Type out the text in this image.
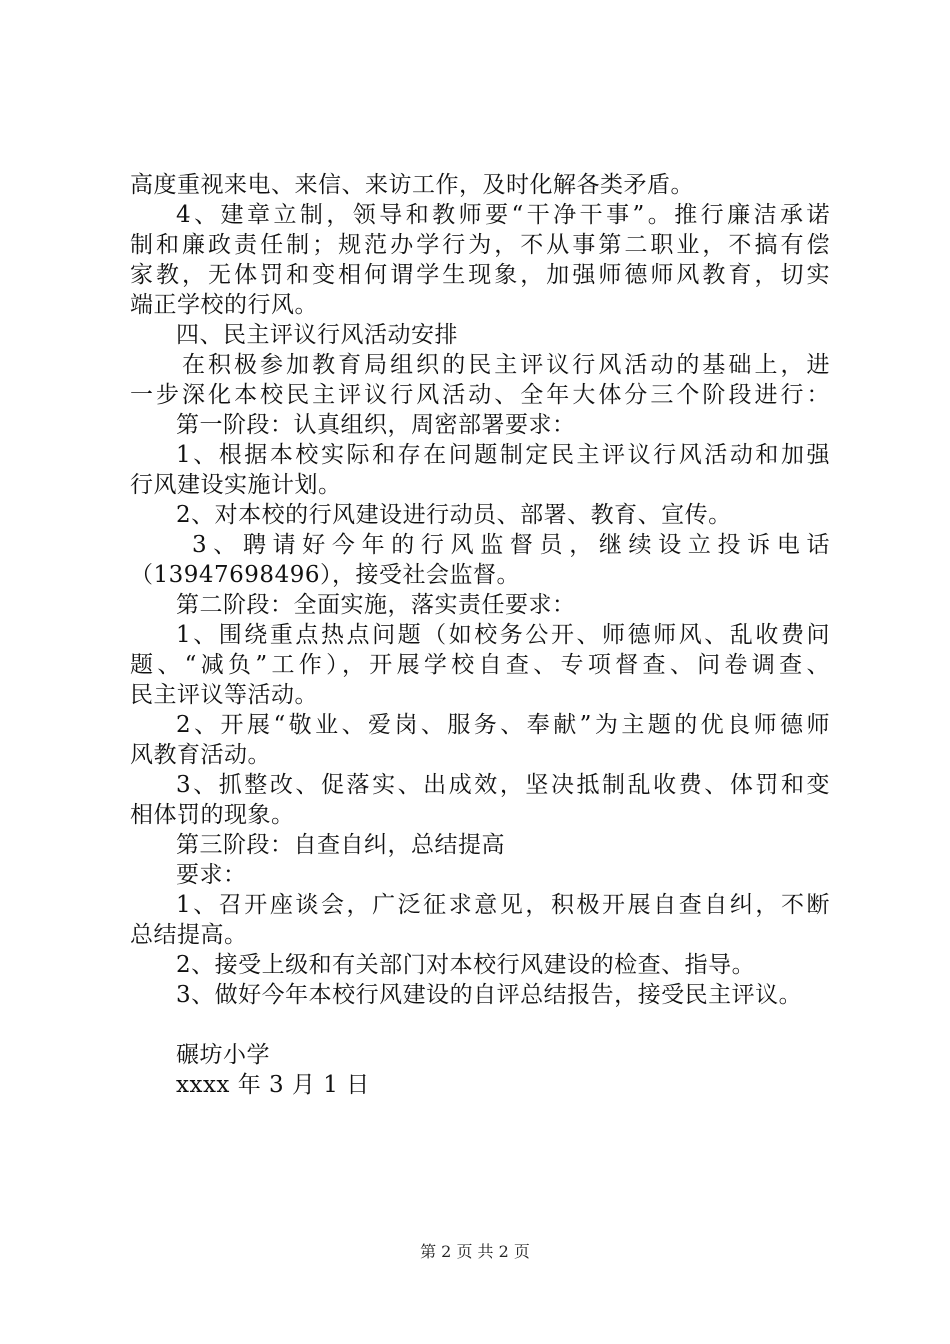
高度重视来电、来信、来访工作，及时化解各类矛盾。
4、建章立制，领导和教师要“干净干事”。推行廉洁承诺
制和廉政责任制；规范办学行为，不从事第二职业，不搞有偿
家教，无体罚和变相何谓学生现象，加强师德师风教育，切实
端正学校的行风。
四、民主评议行风活动安排
在积极参加教育局组织的民主评议行风活动的基础上，进
一步深化本校民主评议行风活动、全年大体分三个阶段进行：
第一阶段：认真组织，周密部署要求：
1、根据本校实际和存在问题制定民主评议行风活动和加强
行风建设实施计划。
2、对本校的行风建设进行动员、部署、教育、宣传。
3、聘请好今年的行风监督员，继续设立投诉电话
（13947698496），接受社会监督。
第二阶段：全面实施，落实责任要求：
1、围绕重点热点问题（如校务公开、师德师风、乱收费问
题、“减负”工作），开展学校自查、专项督查、问卷调查、
民主评议等活动。
2、开展“敬业、爱岗、服务、奉献”为主题的优良师德师
风教育活动。
3、抓整改、促落实、出成效，坚决抵制乱收费、体罚和变
相体罚的现象。
第三阶段：自查自纠，总结提高
要求：
1、召开座谈会，广泛征求意见，积极开展自查自纠，不断
总结提高。
2、接受上级和有关部门对本校行风建设的检查、指导。
3、做好今年本校行风建设的自评总结报告，接受民主评议。
碾坊小学
xxxx 年 3 月 1 日
第 2 页 共 2 页
